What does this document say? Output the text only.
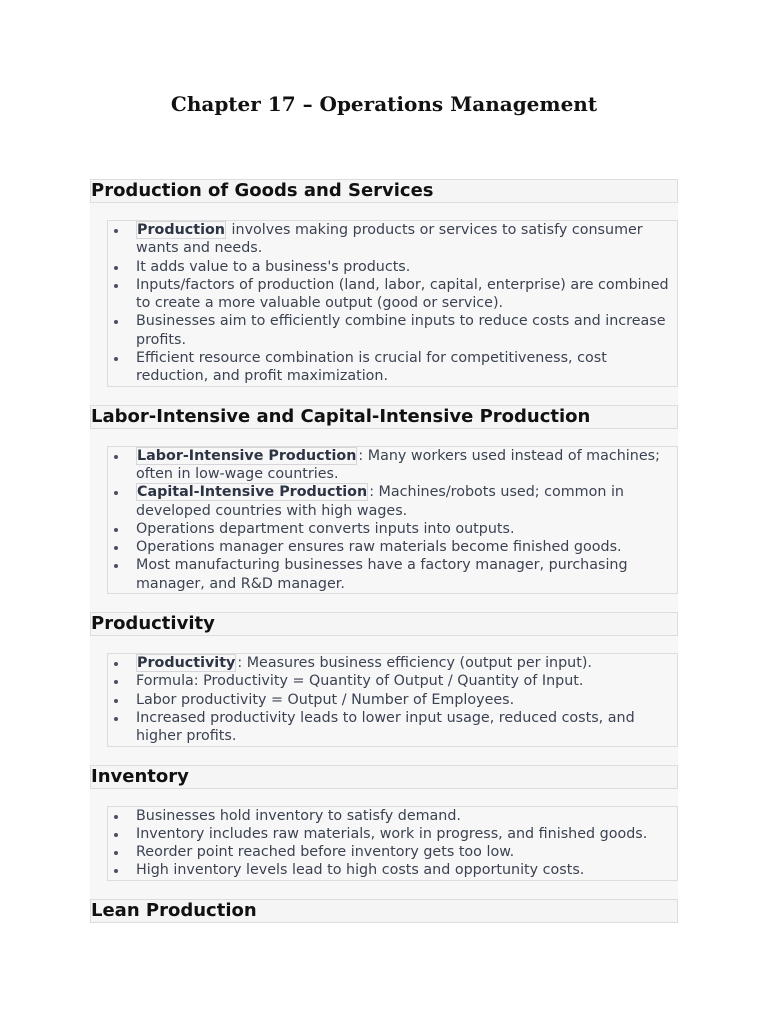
Chapter 17 – Operations Management
Production of Goods and Services
Production involves making products or services to satisfy consumer wants and needs.
It adds value to a business's products.
Inputs/factors of production (land, labor, capital, enterprise) are combined to create a more valuable output (good or service).
Businesses aim to efficiently combine inputs to reduce costs and increase profits.
Efficient resource combination is crucial for competitiveness, cost reduction, and profit maximization.
Labor-Intensive and Capital-Intensive Production
Labor-Intensive Production : Many workers used instead of machines; often in low-wage countries.
Capital-Intensive Production : Machines/robots used; common in developed countries with high wages.
Operations department converts inputs into outputs.
Operations manager ensures raw materials become finished goods.
Most manufacturing businesses have a factory manager, purchasing manager, and R&D manager.
Productivity
Productivity : Measures business efficiency (output per input).
Formula: Productivity = Quantity of Output / Quantity of Input.
Labor productivity = Output / Number of Employees.
Increased productivity leads to lower input usage, reduced costs, and higher profits.
Inventory
Businesses hold inventory to satisfy demand.
Inventory includes raw materials, work in progress, and finished goods.
Reorder point reached before inventory gets too low.
High inventory levels lead to high costs and opportunity costs.
Lean Production
